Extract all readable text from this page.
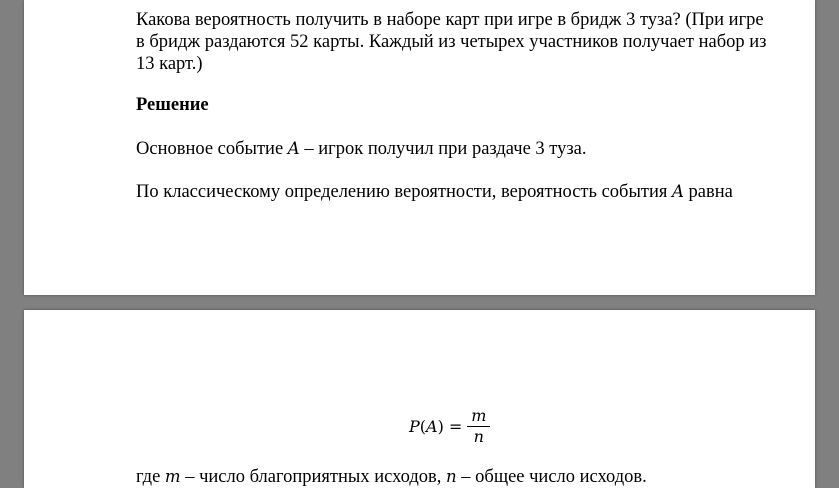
Какова вероятность получить в наборе карт при игре в бридж 3 туза? (При игре в бридж раздаются 52 карты. Каждый из четырех участников получает набор из 13 карт.)

Решение

Основное событие A – игрок получил при раздаче 3 туза.

По классическому определению вероятности, вероятность события A равна

$P(A) = \frac{m}{n}$

где m – число благоприятных исходов, n – общее число исходов.
